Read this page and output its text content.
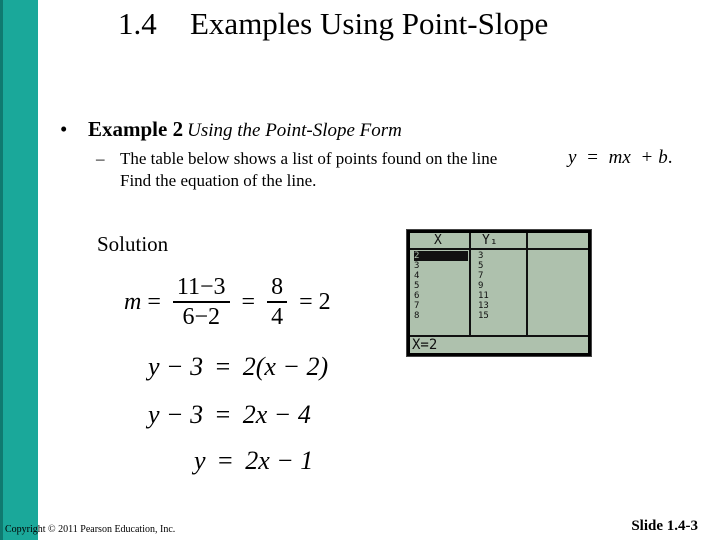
1.4 Examples Using Point-Slope
• Example 2 Using the Point-Slope Form
– The table below shows a list of points found on the line
Find the equation of the line.
y = mx + b.
Solution
$m = \frac{11-3}{6-2} = \frac{8}{4} = 2$
y − 3 = 2(x − 2)
y − 3 = 2x − 4
y = 2x − 1
X	Y₁
2
3
4
5
6
7
8
3
5
7
9
11
13
15
X=2
Copyright © 2011 Pearson Education, Inc.	Slide 1.4-3
